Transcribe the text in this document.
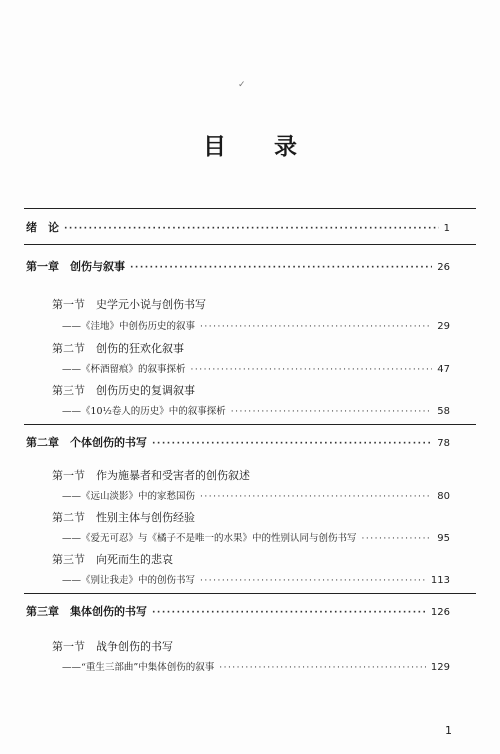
✓
目 录
绪　论 ·····	1
第一章　创伤与叙事 ·····	26
第一节　史学元小说与创伤书写
——《洼地》中创伤历史的叙事 ·····	29
第二节　创伤的狂欢化叙事
——《杯酒留痕》的叙事探析 ·····	47
第三节　创伤历史的复调叙事
——《10½卷人的历史》中的叙事探析 ·····	58
第二章　个体创伤的书写 ·····	78
第一节　作为施暴者和受害者的创伤叙述
——《远山淡影》中的家愁国伤 ·····	80
第二节　性别主体与创伤经验
——《爱无可忍》与《橘子不是唯一的水果》中的性别认同与创伤书写 ·····	95
第三节　向死而生的悲哀
——《别让我走》中的创伤书写 ·····	113
第三章　集体创伤的书写 ·····	126
第一节　战争创伤的书写
——“重生三部曲”中集体创伤的叙事 ·····	129
1
